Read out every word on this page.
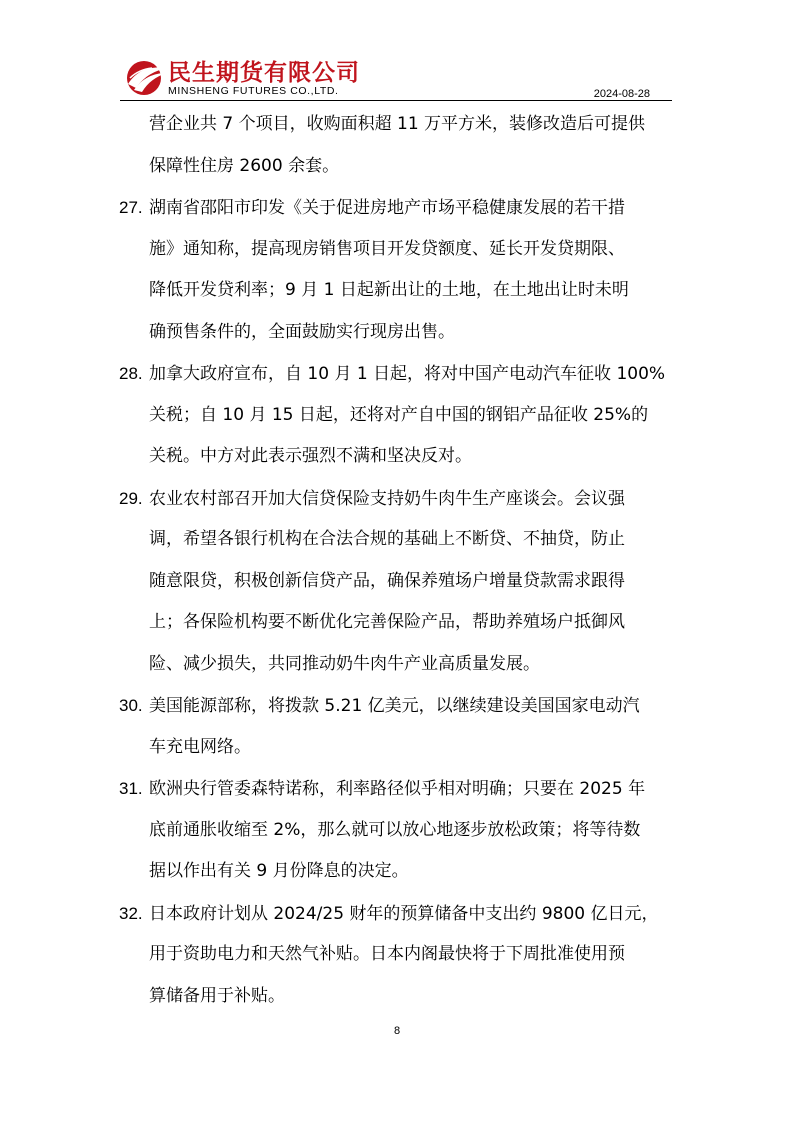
民生期货有限公司
MINSHENG FUTURES CO.,LTD.	2024-08-28
营企业共 7 个项目，收购面积超 11 万平方米，装修改造后可提供
保障性住房 2600 余套。
27. 湖南省邵阳市印发《关于促进房地产市场平稳健康发展的若干措
施》通知称，提高现房销售项目开发贷额度、延长开发贷期限、
降低开发贷利率；9 月 1 日起新出让的土地，在土地出让时未明
确预售条件的，全面鼓励实行现房出售。
28. 加拿大政府宣布，自 10 月 1 日起，将对中国产电动汽车征收 100%
关税；自 10 月 15 日起，还将对产自中国的钢铝产品征收 25%的
关税。中方对此表示强烈不满和坚决反对。
29. 农业农村部召开加大信贷保险支持奶牛肉牛生产座谈会。会议强
调，希望各银行机构在合法合规的基础上不断贷、不抽贷，防止
随意限贷，积极创新信贷产品，确保养殖场户增量贷款需求跟得
上；各保险机构要不断优化完善保险产品，帮助养殖场户抵御风
险、减少损失，共同推动奶牛肉牛产业高质量发展。
30. 美国能源部称，将拨款 5.21 亿美元，以继续建设美国国家电动汽
车充电网络。
31. 欧洲央行管委森特诺称，利率路径似乎相对明确；只要在 2025 年
底前通胀收缩至 2%，那么就可以放心地逐步放松政策；将等待数
据以作出有关 9 月份降息的决定。
32. 日本政府计划从 2024/25 财年的预算储备中支出约 9800 亿日元，
用于资助电力和天然气补贴。日本内阁最快将于下周批准使用预
算储备用于补贴。
8
